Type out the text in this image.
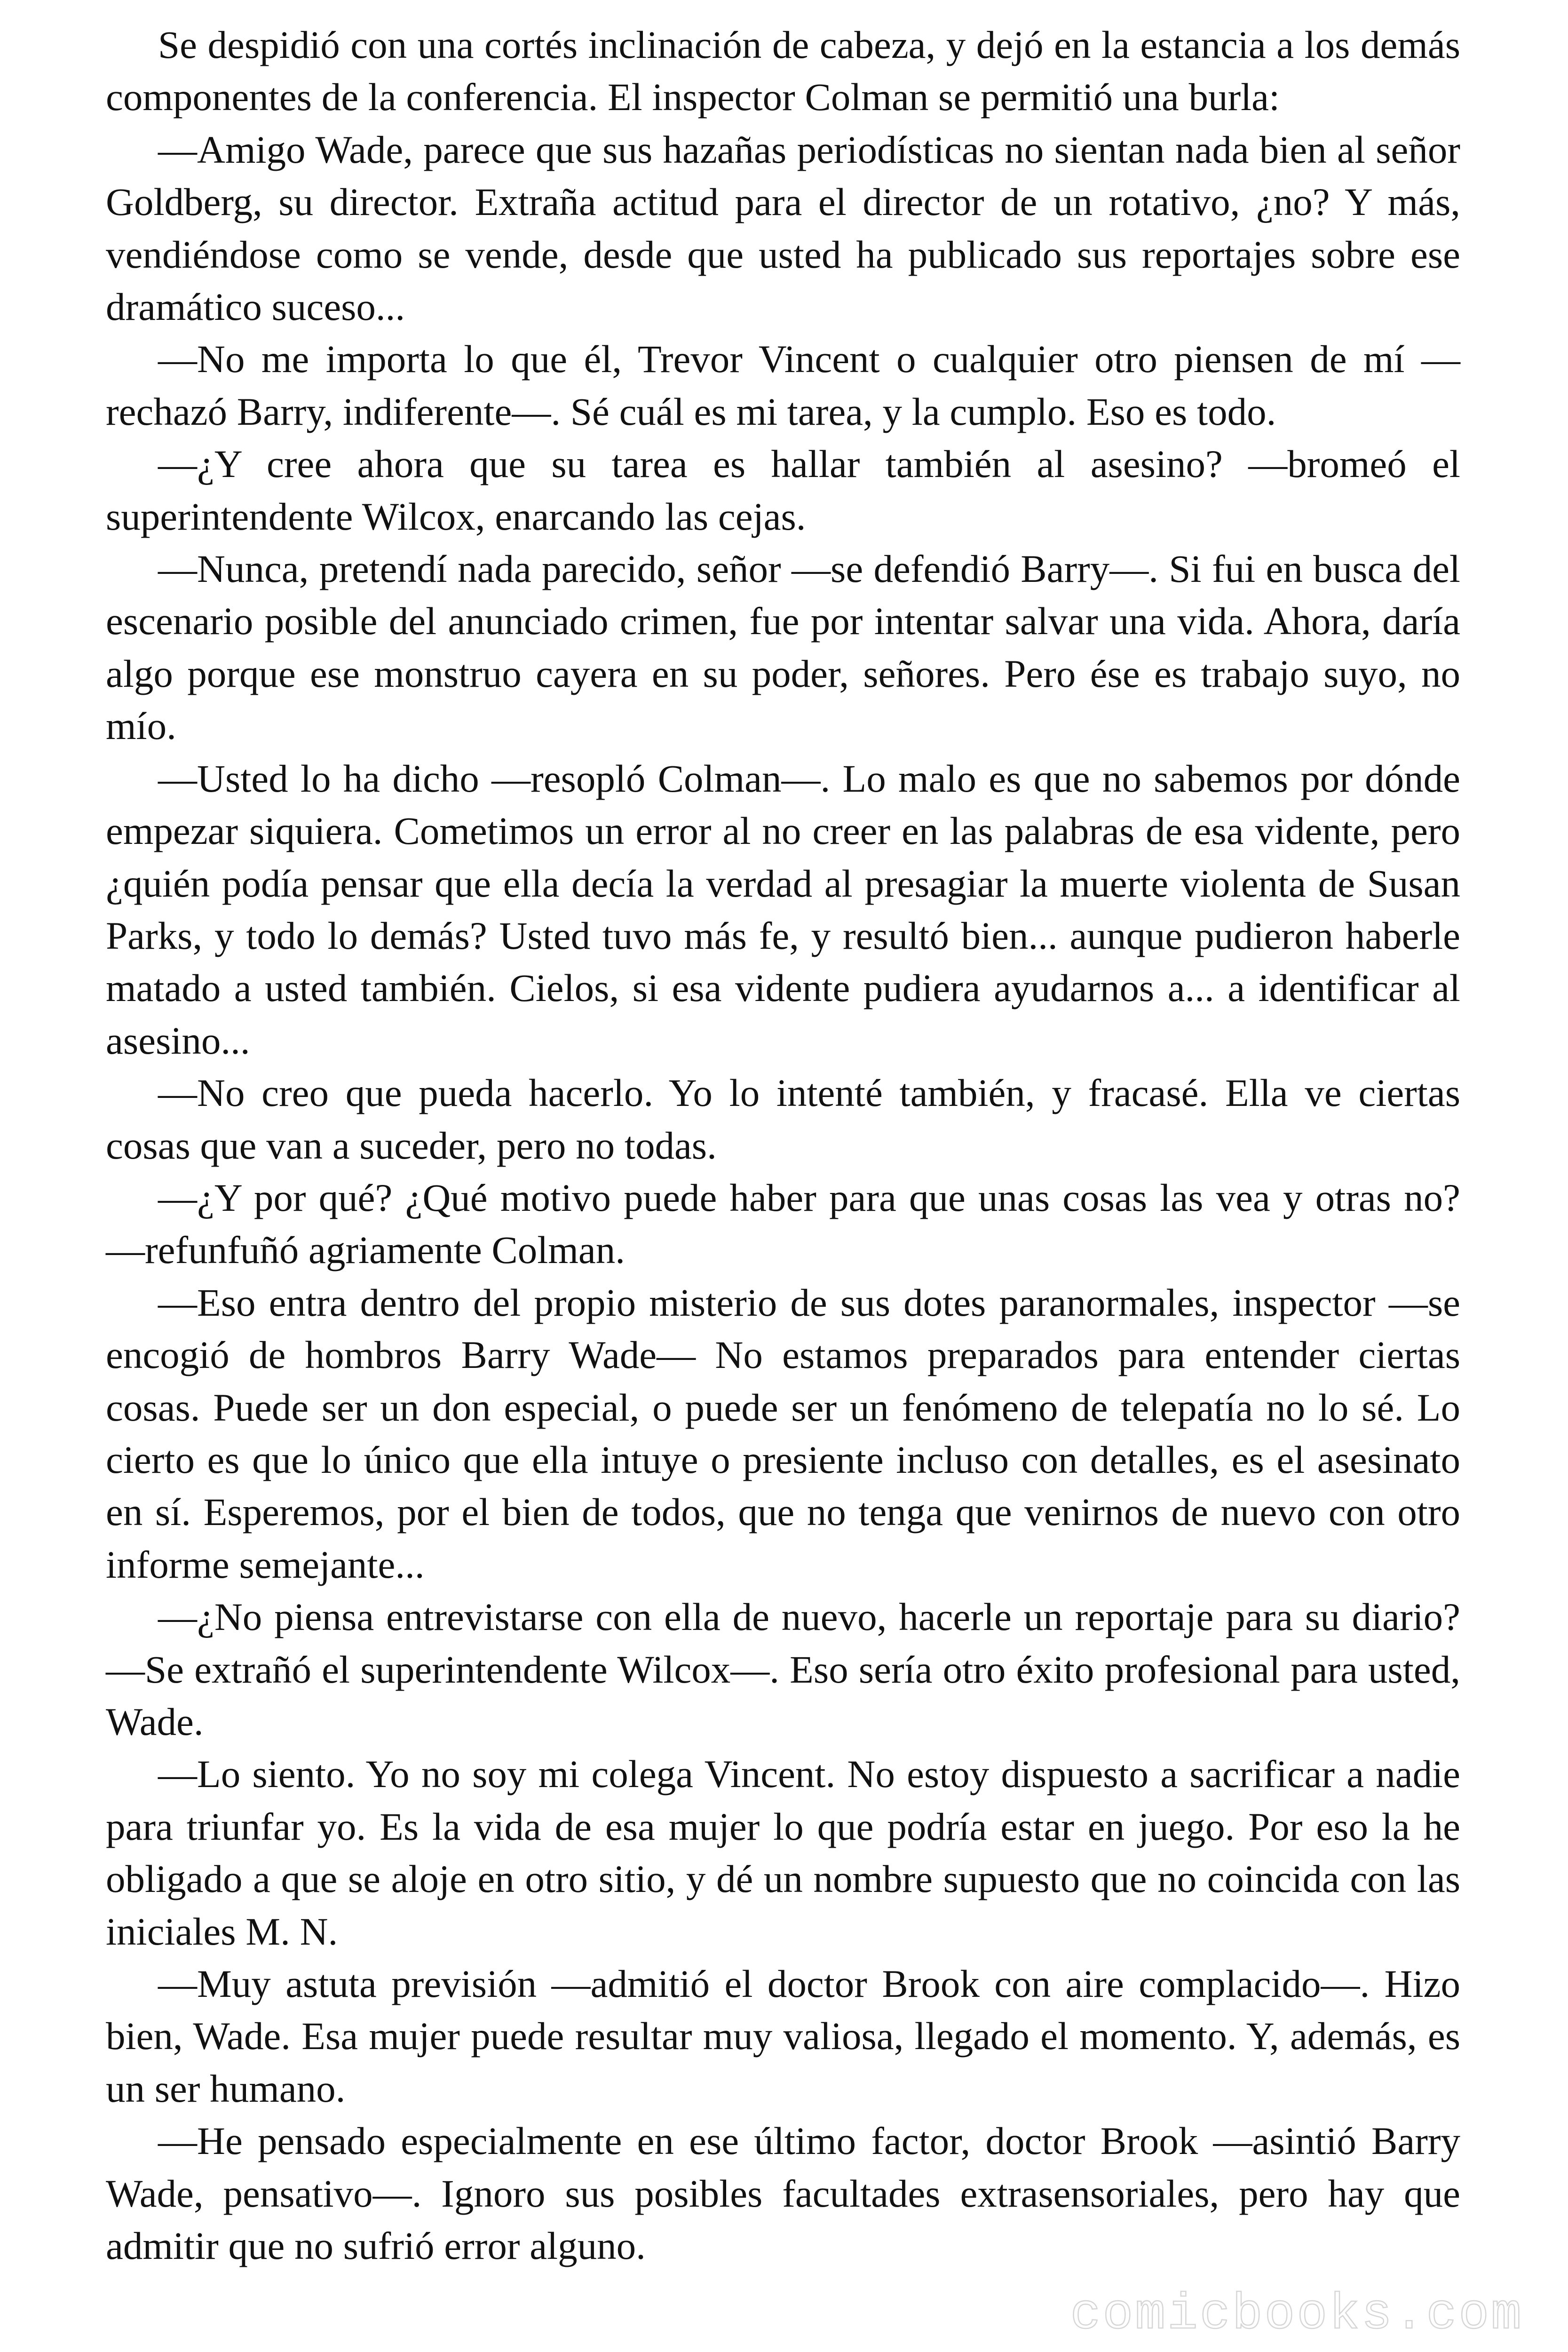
Se despidió con una cortés inclinación de cabeza, y dejó en la estancia a los demás componentes de la conferencia. El inspector Colman se permitió una burla:

—Amigo Wade, parece que sus hazañas periodísticas no sientan nada bien al señor Goldberg, su director. Extraña actitud para el director de un rotativo, ¿no? Y más, vendiéndose como se vende, desde que usted ha publicado sus reportajes sobre ese dramático suceso...

—No me importa lo que él, Trevor Vincent o cualquier otro piensen de mí —rechazó Barry, indiferente—. Sé cuál es mi tarea, y la cumplo. Eso es todo.

—¿Y cree ahora que su tarea es hallar también al asesino? —bromeó el superintendente Wilcox, enarcando las cejas.

—Nunca, pretendí nada parecido, señor —se defendió Barry—. Si fui en busca del escenario posible del anunciado crimen, fue por intentar salvar una vida. Ahora, daría algo porque ese monstruo cayera en su poder, señores. Pero ése es trabajo suyo, no mío.

—Usted lo ha dicho —resopló Colman—. Lo malo es que no sabemos por dónde empezar siquiera. Cometimos un error al no creer en las palabras de esa vidente, pero ¿quién podía pensar que ella decía la verdad al presagiar la muerte violenta de Susan Parks, y todo lo demás? Usted tuvo más fe, y resultó bien... aunque pudieron haberle matado a usted también. Cielos, si esa vidente pudiera ayudarnos a... a identificar al asesino...

—No creo que pueda hacerlo. Yo lo intenté también, y fracasé. Ella ve ciertas cosas que van a suceder, pero no todas.

—¿Y por qué? ¿Qué motivo puede haber para que unas cosas las vea y otras no? —refunfuñó agriamente Colman.

—Eso entra dentro del propio misterio de sus dotes paranormales, inspector —se encogió de hombros Barry Wade— No estamos preparados para entender ciertas cosas. Puede ser un don especial, o puede ser un fenómeno de telepatía no lo sé. Lo cierto es que lo único que ella intuye o presiente incluso con detalles, es el asesinato en sí. Esperemos, por el bien de todos, que no tenga que venirnos de nuevo con otro informe semejante...

—¿No piensa entrevistarse con ella de nuevo, hacerle un reportaje para su diario? —Se extrañó el superintendente Wilcox—. Eso sería otro éxito profesional para usted, Wade.

—Lo siento. Yo no soy mi colega Vincent. No estoy dispuesto a sacrificar a nadie para triunfar yo. Es la vida de esa mujer lo que podría estar en juego. Por eso la he obligado a que se aloje en otro sitio, y dé un nombre supuesto que no coincida con las iniciales M. N.

—Muy astuta previsión —admitió el doctor Brook con aire complacido—. Hizo bien, Wade. Esa mujer puede resultar muy valiosa, llegado el momento. Y, además, es un ser humano.

—He pensado especialmente en ese último factor, doctor Brook —asintió Barry Wade, pensativo—. Ignoro sus posibles facultades extrasensoriales, pero hay que admitir que no sufrió error alguno.

comicbooks.com
